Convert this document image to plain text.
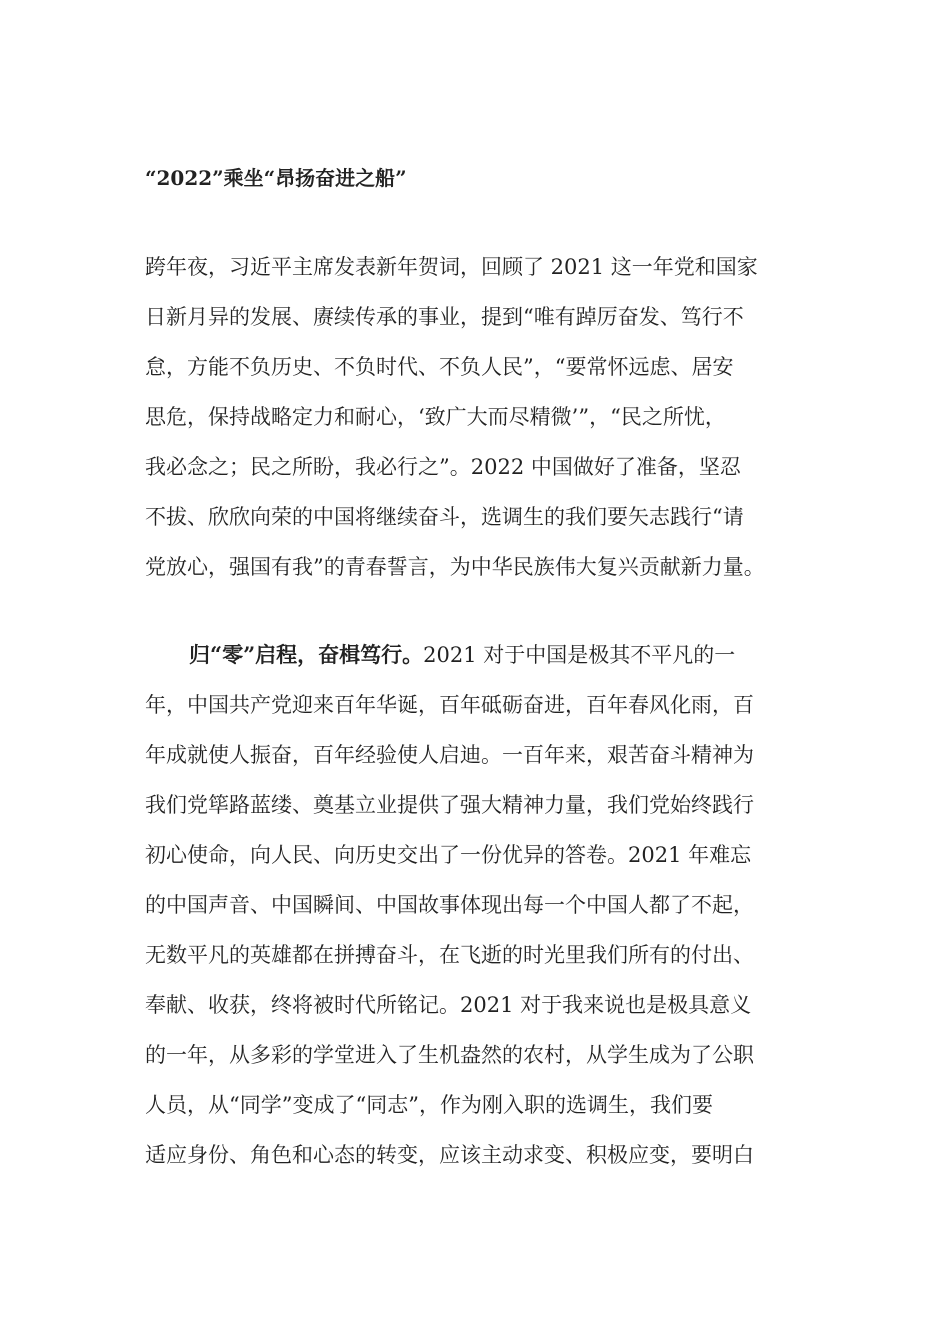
“2022”乘坐“昂扬奋进之船”
跨年夜，习近平主席发表新年贺词，回顾了 2021 这一年党和国家
日新月异的发展、赓续传承的事业，提到“唯有踔厉奋发、笃行不
怠，方能不负历史、不负时代、不负人民”，“要常怀远虑、居安
思危，保持战略定力和耐心，‘致广大而尽精微’”，“民之所忧，
我必念之；民之所盼，我必行之”。2022 中国做好了准备，坚忍
不拔、欣欣向荣的中国将继续奋斗，选调生的我们要矢志践行“请
党放心，强国有我”的青春誓言，为中华民族伟大复兴贡献新力量。
归“零”启程，奋楫笃行。2021 对于中国是极其不平凡的一
年，中国共产党迎来百年华诞，百年砥砺奋进，百年春风化雨，百
年成就使人振奋，百年经验使人启迪。一百年来，艰苦奋斗精神为
我们党筚路蓝缕、奠基立业提供了强大精神力量，我们党始终践行
初心使命，向人民、向历史交出了一份优异的答卷。2021 年难忘
的中国声音、中国瞬间、中国故事体现出每一个中国人都了不起，
无数平凡的英雄都在拼搏奋斗，在飞逝的时光里我们所有的付出、
奉献、收获，终将被时代所铭记。2021 对于我来说也是极具意义
的一年，从多彩的学堂进入了生机盎然的农村，从学生成为了公职
人员，从“同学”变成了“同志”，作为刚入职的选调生，我们要
适应身份、角色和心态的转变，应该主动求变、积极应变，要明白
